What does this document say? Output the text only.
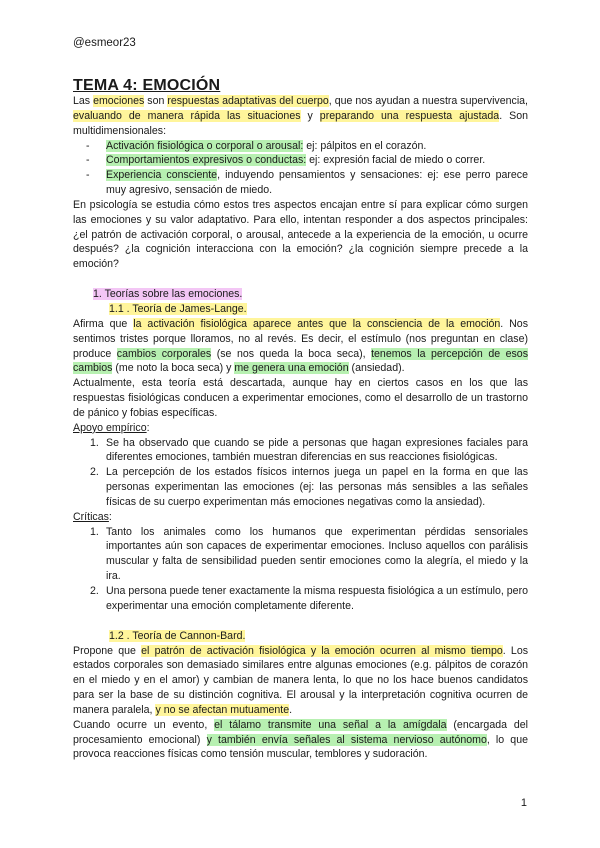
@esmeor23
TEMA 4: EMOCIÓN

Las emociones son respuestas adaptativas del cuerpo, que nos ayudan a nuestra supervivencia, evaluando de manera rápida las situaciones y preparando una respuesta ajustada. Son multidimensionales:

- Activación fisiológica o corporal o arousal: ej: pálpitos en el corazón.
- Comportamientos expresivos o conductas: ej: expresión facial de miedo o correr.
- Experiencia consciente, induyendo pensamientos y sensaciones: ej: ese perro parece muy agresivo, sensación de miedo.

En psicología se estudia cómo estos tres aspectos encajan entre sí para explicar cómo surgen las emociones y su valor adaptativo. Para ello, intentan responder a dos aspectos principales: ¿el patrón de activación corporal, o arousal, antecede a la experiencia de la emoción, u ocurre después? ¿la cognición interacciona con la emoción? ¿la cognición siempre precede a la emoción?

1. Teorías sobre las emociones.
1.1 . Teoría de James-Lange.

Afirma que la activación fisiológica aparece antes que la consciencia de la emoción. Nos sentimos tristes porque lloramos, no al revés. Es decir, el estímulo (nos preguntan en clase) produce cambios corporales (se nos queda la boca seca), tenemos la percepción de esos cambios (me noto la boca seca) y me genera una emoción (ansiedad).

Actualmente, esta teoría está descartada, aunque hay en ciertos casos en los que las respuestas fisiológicas conducen a experimentar emociones, como el desarrollo de un trastorno de pánico y fobias específicas.

Apoyo empírico:
1. Se ha observado que cuando se pide a personas que hagan expresiones faciales para diferentes emociones, también muestran diferencias en sus reacciones fisiológicas.
2. La percepción de los estados físicos internos juega un papel en la forma en que las personas experimentan las emociones (ej: las personas más sensibles a las señales físicas de su cuerpo experimentan más emociones negativas como la ansiedad).
Críticas:
1. Tanto los animales como los humanos que experimentan pérdidas sensoriales importantes aún son capaces de experimentar emociones. Incluso aquellos con parálisis muscular y falta de sensibilidad pueden sentir emociones como la alegría, el miedo y la ira.
2. Una persona puede tener exactamente la misma respuesta fisiológica a un estímulo, pero experimentar una emoción completamente diferente.
1.2 . Teoría de Cannon-Bard.

Propone que el patrón de activación fisiológica y la emoción ocurren al mismo tiempo. Los estados corporales son demasiado similares entre algunas emociones (e.g. pálpitos de corazón en el miedo y en el amor) y cambian de manera lenta, lo que no los hace buenos candidatos para ser la base de su distinción cognitiva. El arousal y la interpretación cognitiva ocurren de manera paralela, y no se afectan mutuamente.

Cuando ocurre un evento, el tálamo transmite una señal a la amígdala (encargada del procesamiento emocional) y también envía señales al sistema nervioso autónomo, lo que provoca reacciones físicas como tensión muscular, temblores y sudoración.

1
